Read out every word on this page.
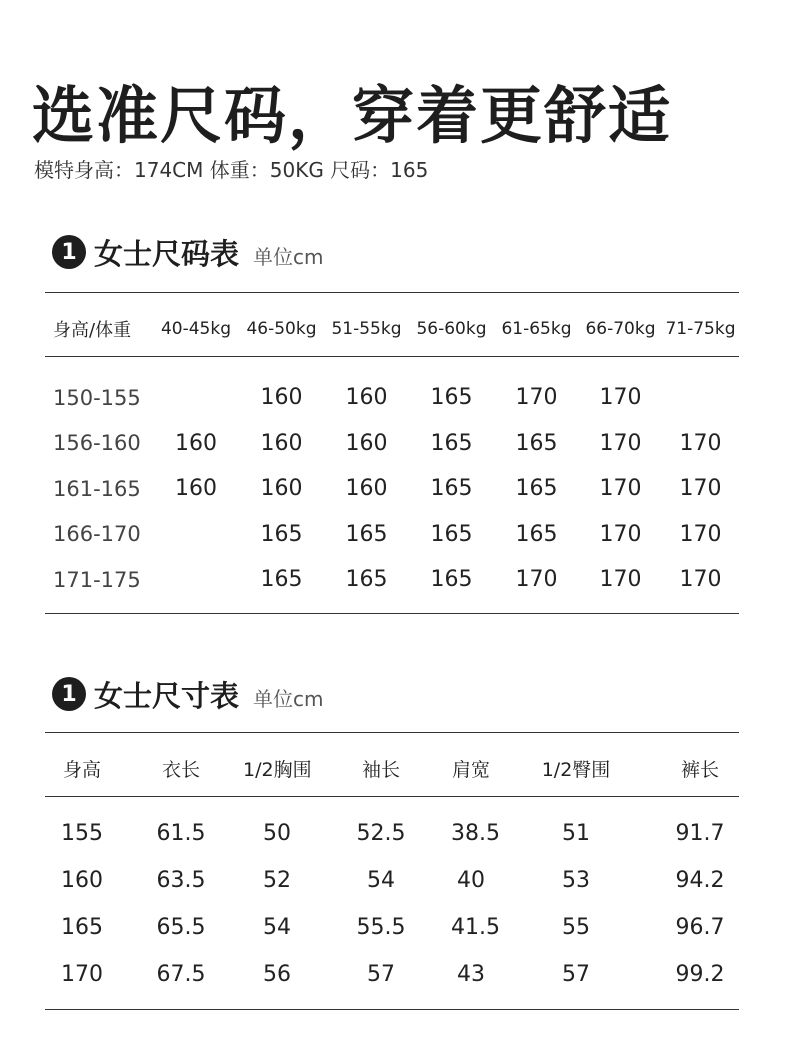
选准尺码，穿着更舒适
模特身高：174CM 体重：50KG 尺码：165
1 女士尺码表 单位cm
身高/体重	40-45kg	46-50kg	51-55kg	56-60kg	61-65kg	66-70kg	71-75kg
150-155		160	160	165	170	170	
156-160	160	160	160	165	165	170	170
161-165	160	160	160	165	165	170	170
166-170		165	165	165	165	170	170
171-175		165	165	165	170	170	170
1 女士尺寸表 单位cm
身高	衣长	1/2胸围	袖长	肩宽	1/2臀围	裤长
155	61.5	50	52.5	38.5	51	91.7
160	63.5	52	54	40	53	94.2
165	65.5	54	55.5	41.5	55	96.7
170	67.5	56	57	43	57	99.2
